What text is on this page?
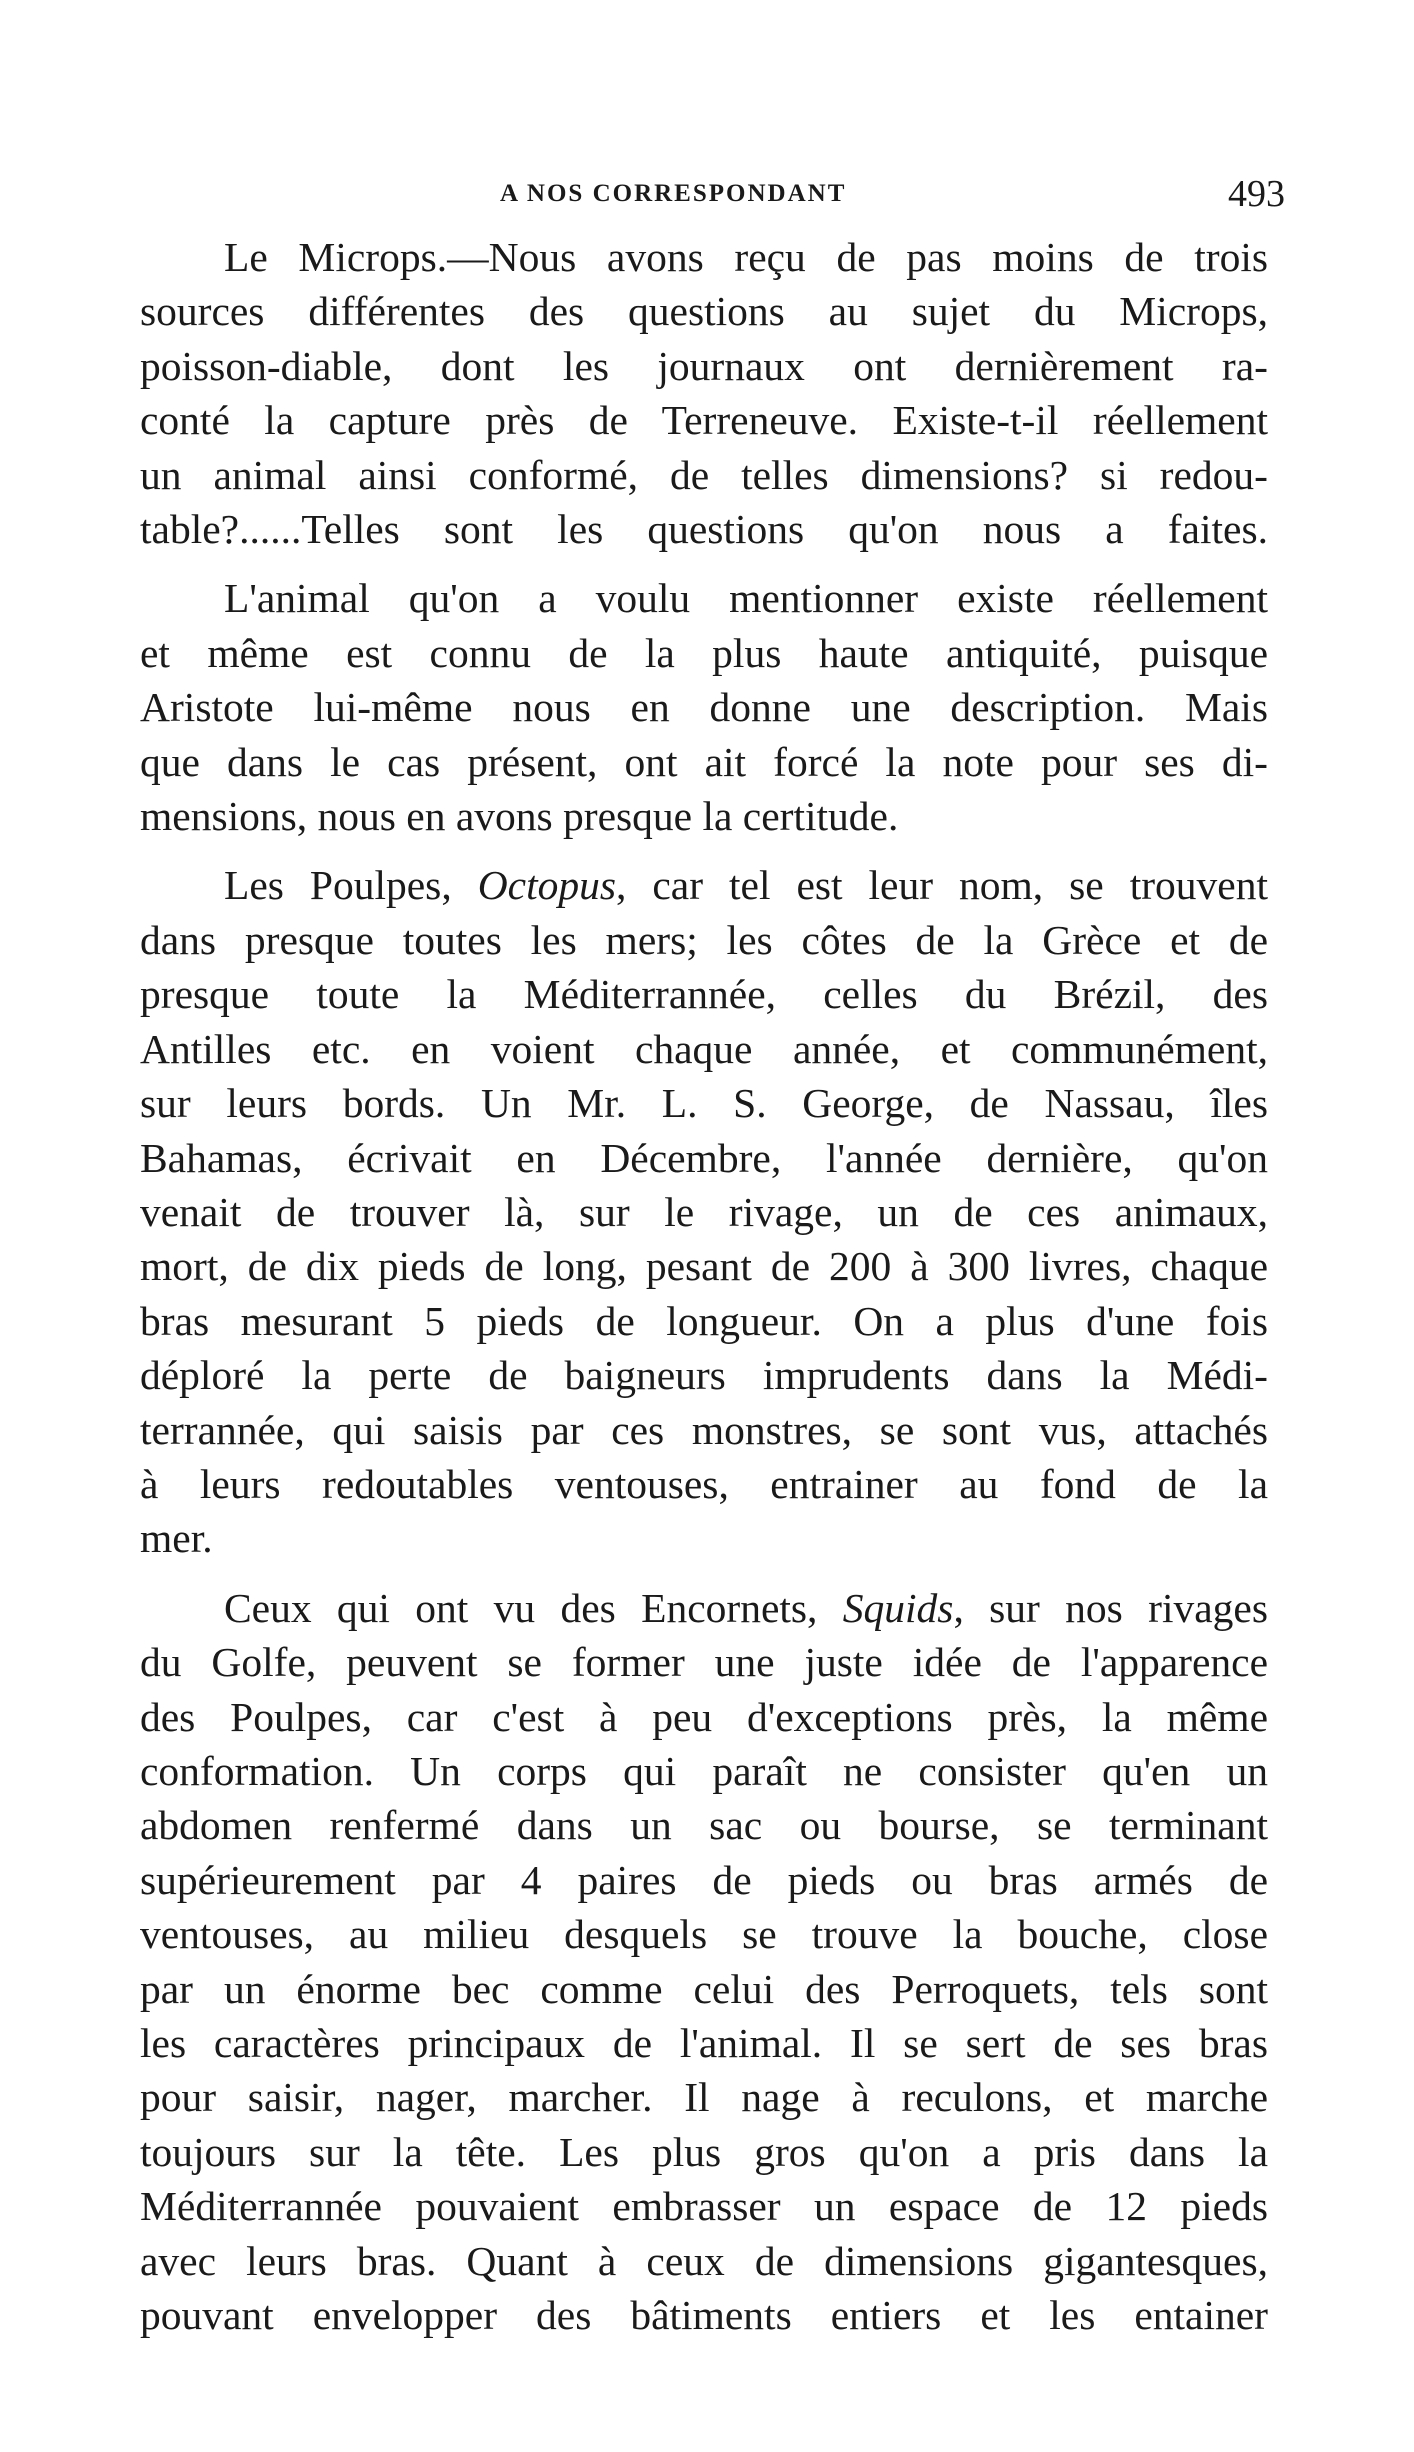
A NOS CORRESPONDANT	493
Le Microps.—Nous avons reçu de pas moins de trois
sources différentes des questions au sujet du Microps,
poisson-diable, dont les journaux ont dernièrement ra-
conté la capture près de Terreneuve. Existe-t-il réellement
un animal ainsi conformé, de telles dimensions? si redou-
table?......Telles sont les questions qu'on nous a faites.
L'animal qu'on a voulu mentionner existe réellement
et même est connu de la plus haute antiquité, puisque
Aristote lui-même nous en donne une description. Mais
que dans le cas présent, ont ait forcé la note pour ses di-
mensions, nous en avons presque la certitude.
Les Poulpes, Octopus, car tel est leur nom, se trouvent
dans presque toutes les mers; les côtes de la Grèce et de
presque toute la Méditerrannée, celles du Brézil, des
Antilles etc. en voient chaque année, et communément,
sur leurs bords. Un Mr. L. S. George, de Nassau, îles
Bahamas, écrivait en Décembre, l'année dernière, qu'on
venait de trouver là, sur le rivage, un de ces animaux,
mort, de dix pieds de long, pesant de 200 à 300 livres, chaque
bras mesurant 5 pieds de longueur. On a plus d'une fois
déploré la perte de baigneurs imprudents dans la Médi-
terrannée, qui saisis par ces monstres, se sont vus, attachés
à leurs redoutables ventouses, entrainer au fond de la
mer.
Ceux qui ont vu des Encornets, Squids, sur nos rivages
du Golfe, peuvent se former une juste idée de l'apparence
des Poulpes, car c'est à peu d'exceptions près, la même
conformation. Un corps qui paraît ne consister qu'en un
abdomen renfermé dans un sac ou bourse, se terminant
supérieurement par 4 paires de pieds ou bras armés de
ventouses, au milieu desquels se trouve la bouche, close
par un énorme bec comme celui des Perroquets, tels sont
les caractères principaux de l'animal. Il se sert de ses bras
pour saisir, nager, marcher. Il nage à reculons, et marche
toujours sur la tête. Les plus gros qu'on a pris dans la
Méditerrannée pouvaient embrasser un espace de 12 pieds
avec leurs bras. Quant à ceux de dimensions gigantesques,
pouvant envelopper des bâtiments entiers et les entainer
